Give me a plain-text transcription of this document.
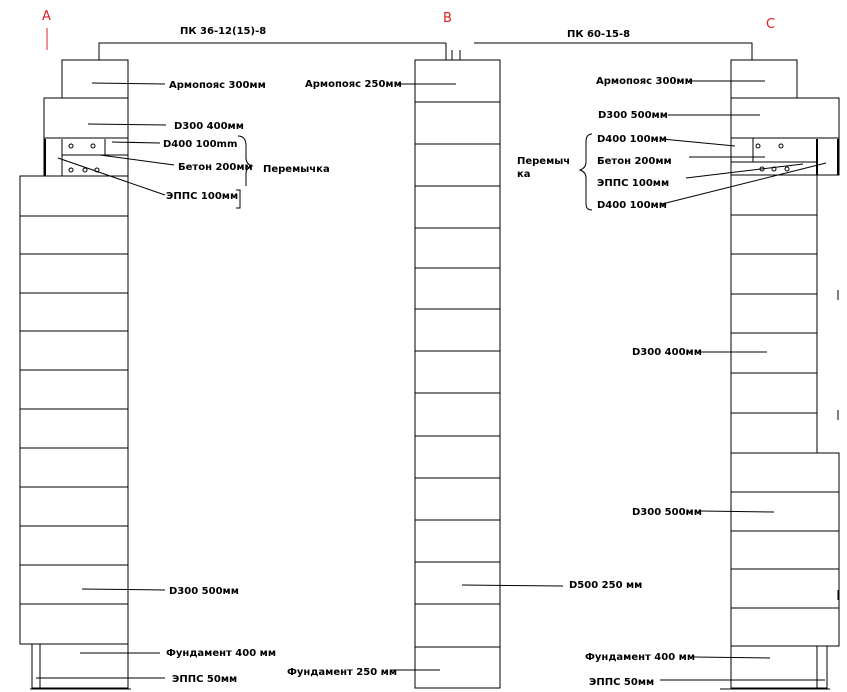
A	B	C
ПК 36-12(15)-8	ПК 60-15-8
Армопояс 300мм
D300 400мм
D400 100mm
Бетон 200мм Перемычка
ЭППС 100мм
D300 500мм
Фундамент 400 мм
ЭППС 50мм
Армопояс 250мм
D500 250 мм
Фундамент 250 мм
Армопояс 300мм
D300 500мм
Перемыч
ка
D400 100мм
Бетон 200мм
ЭППС 100мм
D400 100мм
D300 400мм
D300 500мм
Фундамент 400 мм
ЭППС 50мм
